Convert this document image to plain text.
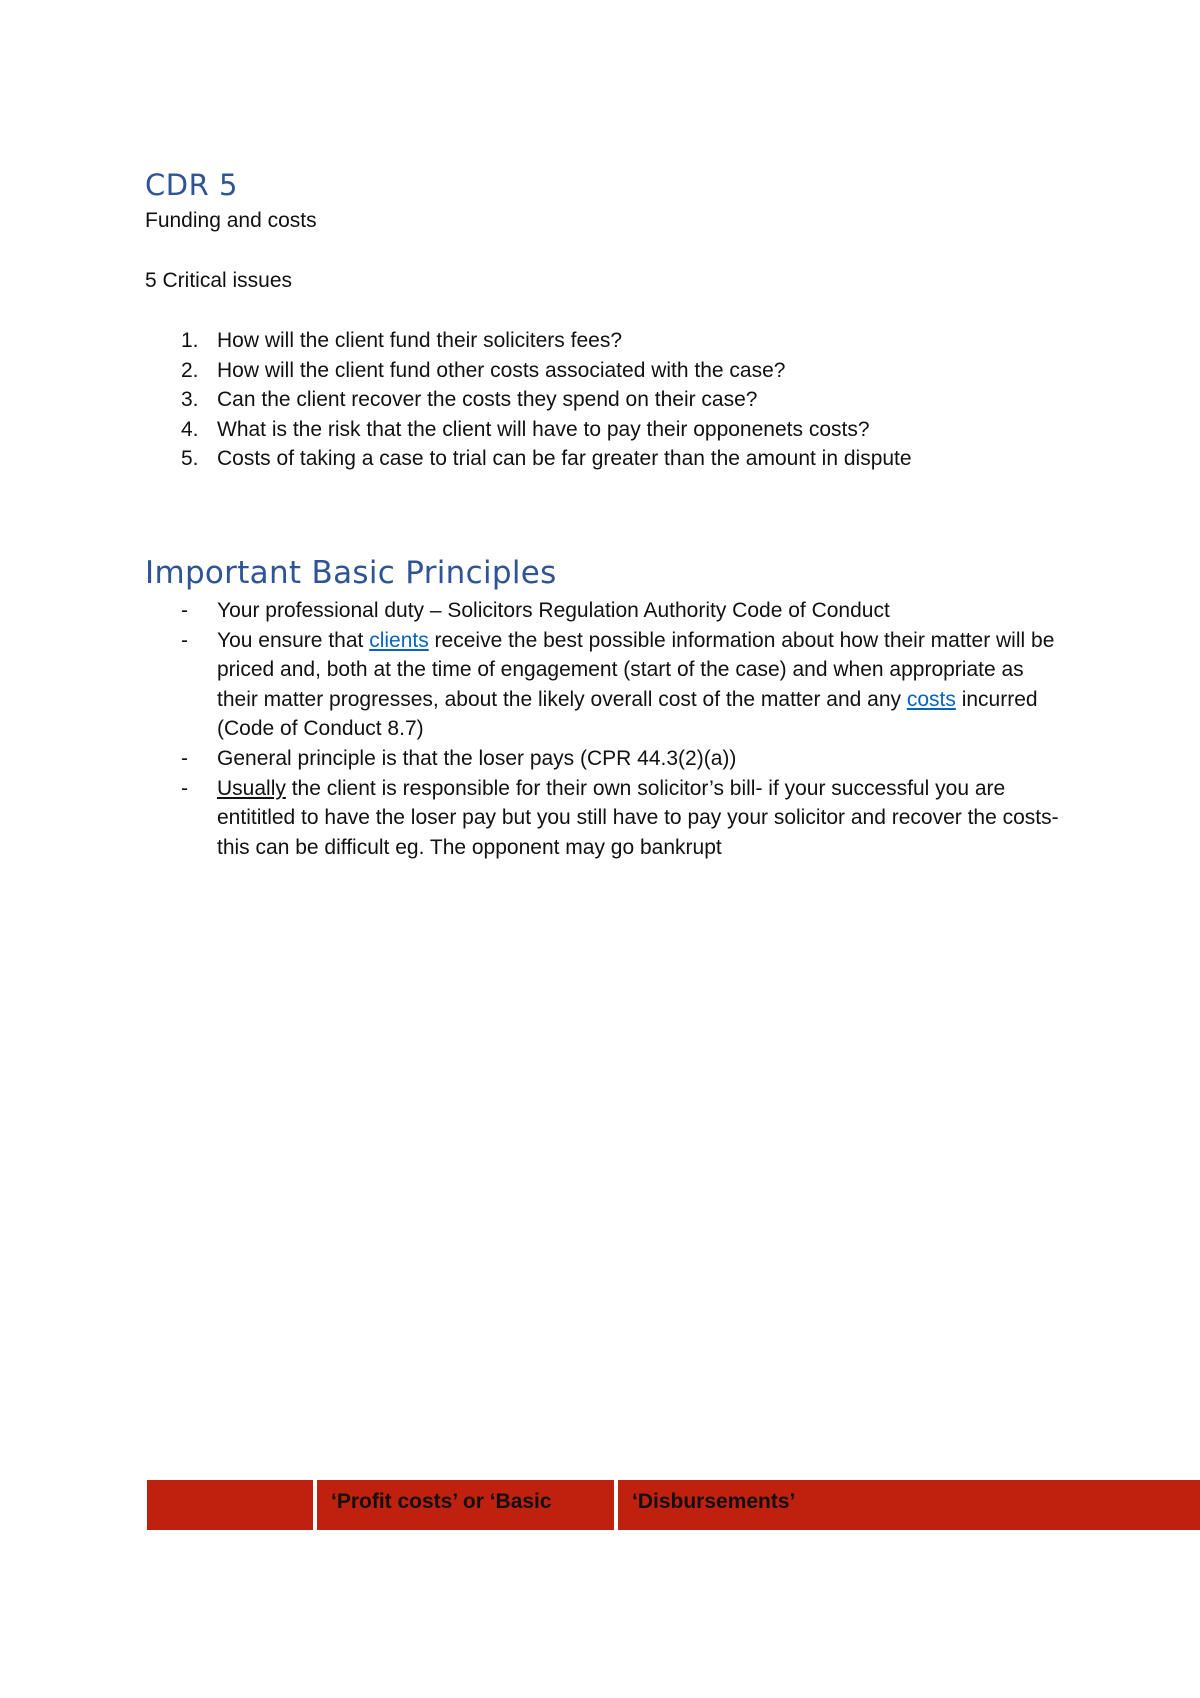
CDR 5
Funding and costs
5 Critical issues
1. How will the client fund their soliciters fees?
2. How will the client fund other costs associated with the case?
3. Can the client recover the costs they spend on their case?
4. What is the risk that the client will have to pay their opponenets costs?
5. Costs of taking a case to trial can be far greater than the amount in dispute
Important Basic Principles
- Your professional duty – Solicitors Regulation Authority Code of Conduct
- You ensure that clients receive the best possible information about how their matter will be priced and, both at the time of engagement (start of the case) and when appropriate as their matter progresses, about the likely overall cost of the matter and any costs incurred (Code of Conduct 8.7)
- General principle is that the loser pays (CPR 44.3(2)(a))
- Usually the client is responsible for their own solicitor’s bill- if your successful you are entititled to have the loser pay but you still have to pay your solicitor and recover the costs- this can be difficult eg. The opponent may go bankrupt
‘Profit costs’ or ‘Basic	‘Disbursements’
